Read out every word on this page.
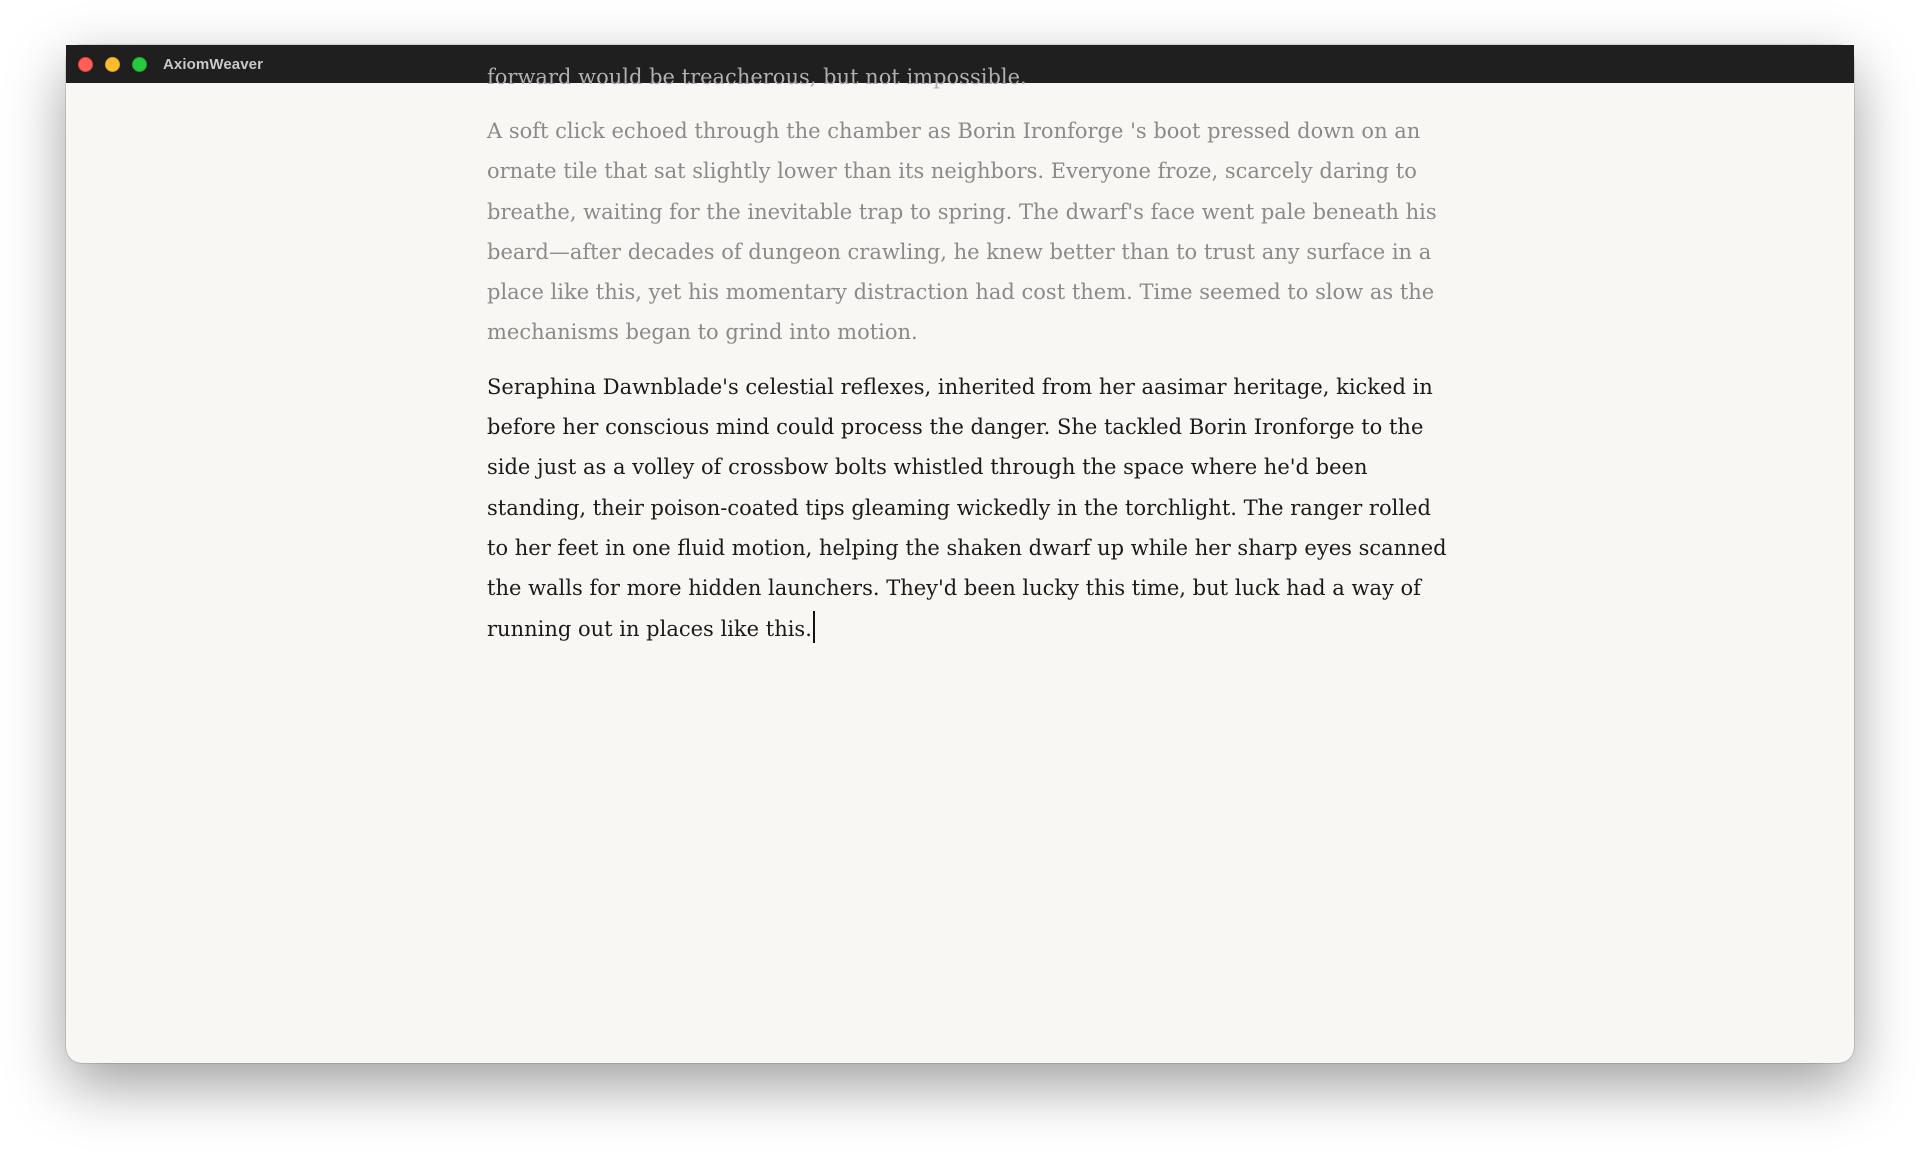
AxiomWeaver

forward would be treacherous, but not impossible.

A soft click echoed through the chamber as Borin Ironforge 's boot pressed down on an ornate tile that sat slightly lower than its neighbors. Everyone froze, scarcely daring to breathe, waiting for the inevitable trap to spring. The dwarf's face went pale beneath his beard—after decades of dungeon crawling, he knew better than to trust any surface in a place like this, yet his momentary distraction had cost them. Time seemed to slow as the mechanisms began to grind into motion.

Seraphina Dawnblade's celestial reflexes, inherited from her aasimar heritage, kicked in before her conscious mind could process the danger. She tackled Borin Ironforge to the side just as a volley of crossbow bolts whistled through the space where he'd been standing, their poison-coated tips gleaming wickedly in the torchlight. The ranger rolled to her feet in one fluid motion, helping the shaken dwarf up while her sharp eyes scanned the walls for more hidden launchers. They'd been lucky this time, but luck had a way of running out in places like this.
